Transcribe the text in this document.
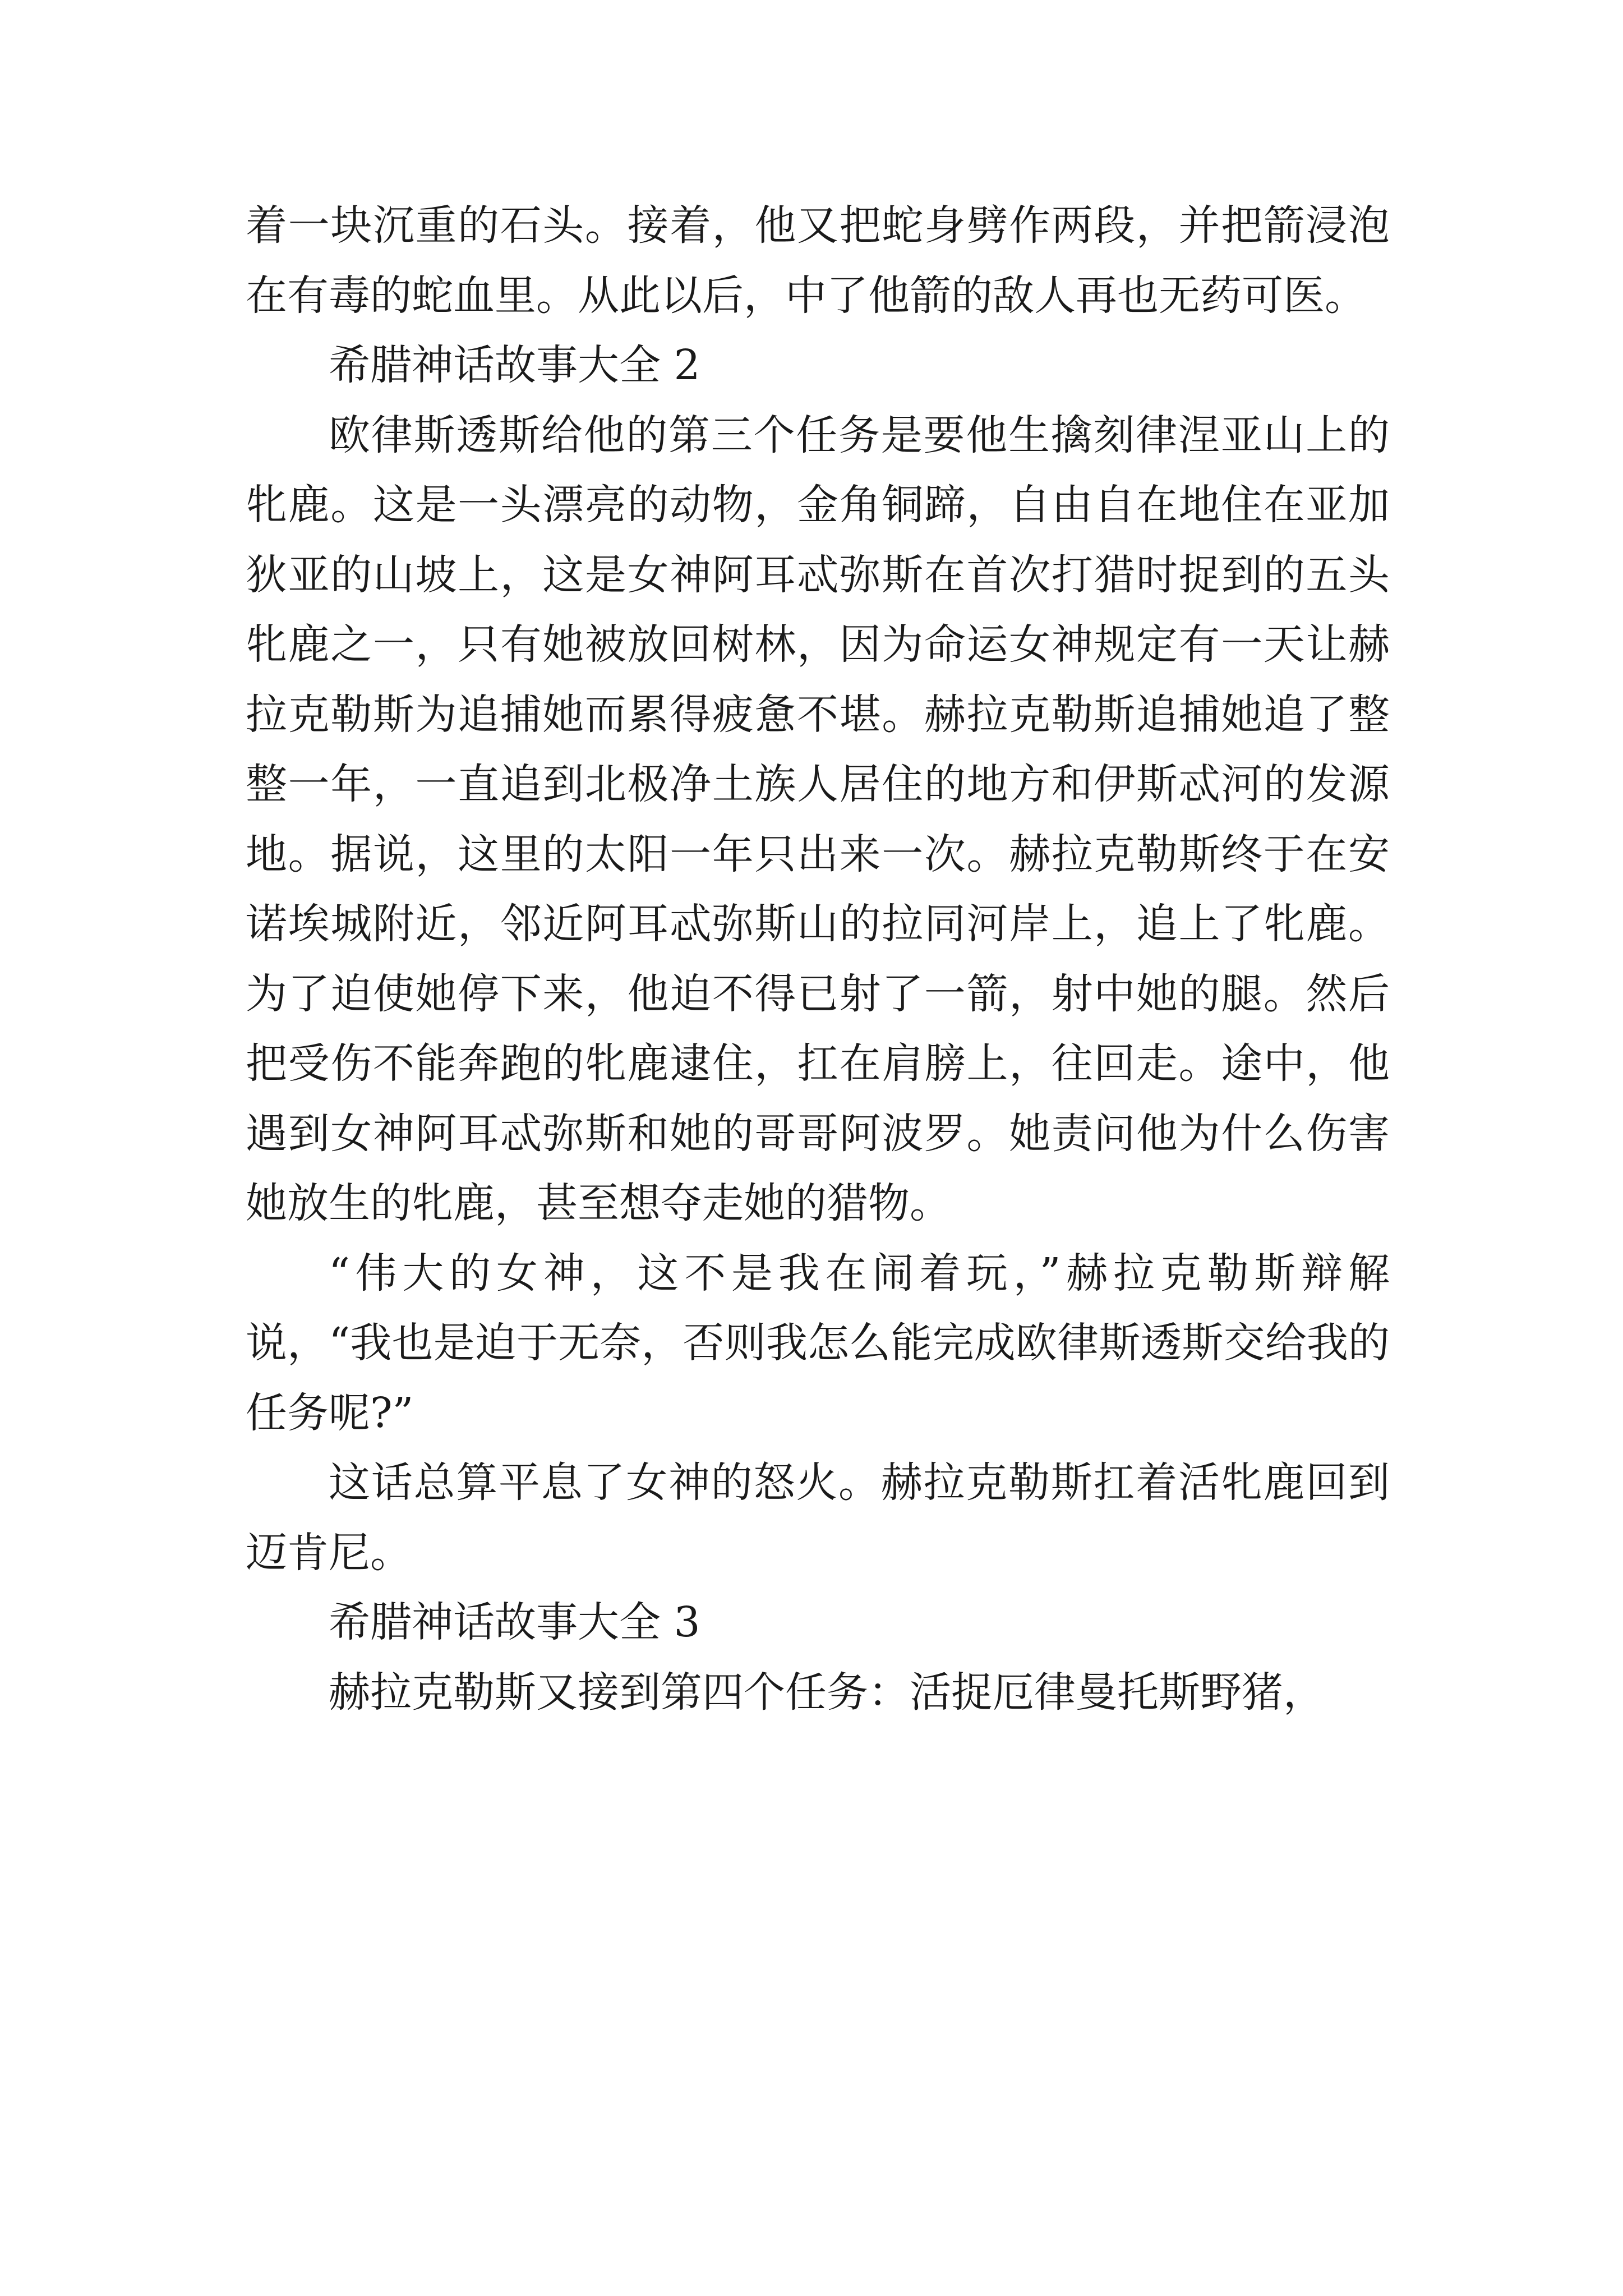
着一块沉重的石头。接着，他又把蛇身劈作两段，并把箭浸泡在有毒的蛇血里。从此以后，中了他箭的敌人再也无药可医。

希腊神话故事大全 2

欧律斯透斯给他的第三个任务是要他生擒刻律涅亚山上的牝鹿。这是一头漂亮的动物，金角铜蹄，自由自在地住在亚加狄亚的山坡上，这是女神阿耳忒弥斯在首次打猎时捉到的五头牝鹿之一，只有她被放回树林，因为命运女神规定有一天让赫拉克勒斯为追捕她而累得疲惫不堪。赫拉克勒斯追捕她追了整整一年，一直追到北极净土族人居住的地方和伊斯忒河的发源地。据说，这里的太阳一年只出来一次。赫拉克勒斯终于在安诺埃城附近，邻近阿耳忒弥斯山的拉同河岸上，追上了牝鹿。为了迫使她停下来，他迫不得已射了一箭，射中她的腿。然后把受伤不能奔跑的牝鹿逮住，扛在肩膀上，往回走。途中，他遇到女神阿耳忒弥斯和她的哥哥阿波罗。她责问他为什么伤害她放生的牝鹿，甚至想夺走她的猎物。

“伟大的女神，这不是我在闹着玩，”赫拉克勒斯辩解说，“我也是迫于无奈，否则我怎么能完成欧律斯透斯交给我的任务呢?”

这话总算平息了女神的怒火。赫拉克勒斯扛着活牝鹿回到迈肯尼。

希腊神话故事大全 3

赫拉克勒斯又接到第四个任务：活捉厄律曼托斯野猪，
